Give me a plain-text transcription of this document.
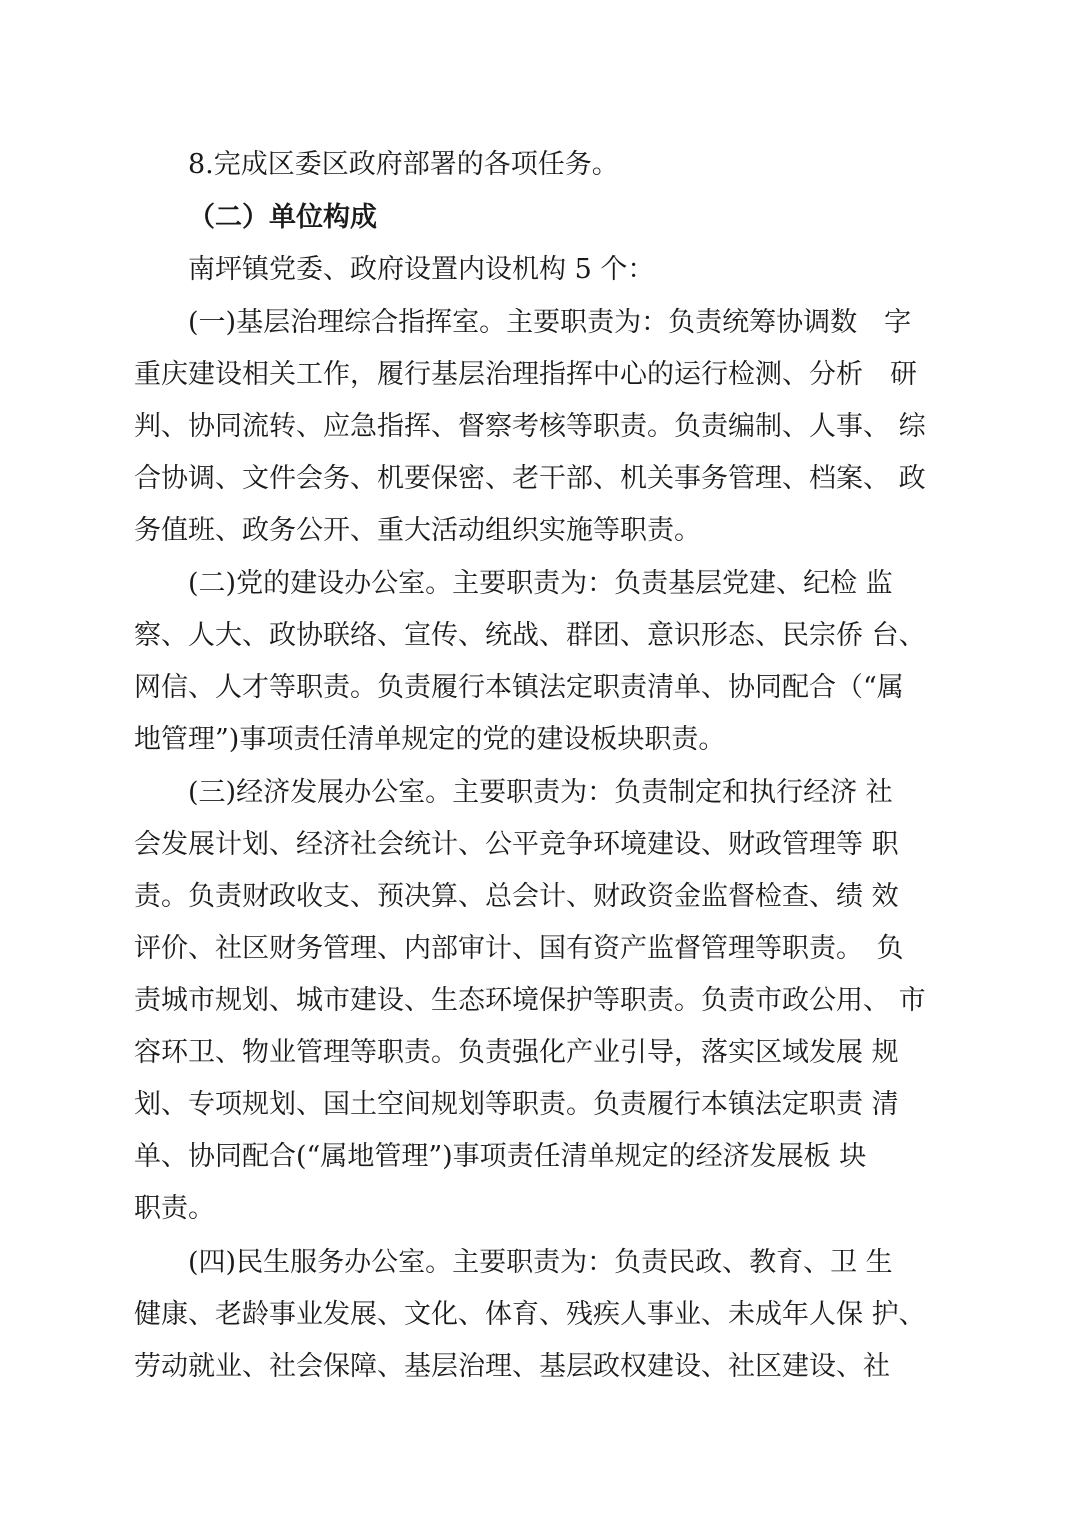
8.完成区委区政府部署的各项任务。
（二）单位构成
南坪镇党委、政府设置内设机构 5 个：
(一)基层治理综合指挥室。主要职责为：负责统筹协调数　字
重庆建设相关工作，履行基层治理指挥中心的运行检测、分析　研
判、协同流转、应急指挥、督察考核等职责。负责编制、人事、 综
合协调、文件会务、机要保密、老干部、机关事务管理、档案、 政
务值班、政务公开、重大活动组织实施等职责。
(二)党的建设办公室。主要职责为：负责基层党建、纪检 监
察、人大、政协联络、宣传、统战、群团、意识形态、民宗侨 台、
网信、人才等职责。负责履行本镇法定职责清单、协同配合（“属
地管理”)事项责任清单规定的党的建设板块职责。
(三)经济发展办公室。主要职责为：负责制定和执行经济 社
会发展计划、经济社会统计、公平竞争环境建设、财政管理等 职
责。负责财政收支、预决算、总会计、财政资金监督检查、绩 效
评价、社区财务管理、内部审计、国有资产监督管理等职责。　负
责城市规划、城市建设、生态环境保护等职责。负责市政公用、 市
容环卫、物业管理等职责。负责强化产业引导，落实区域发展 规
划、专项规划、国土空间规划等职责。负责履行本镇法定职责 清
单、协同配合(“属地管理”)事项责任清单规定的经济发展板 块
职责。
(四)民生服务办公室。主要职责为：负责民政、教育、卫 生
健康、老龄事业发展、文化、体育、残疾人事业、未成年人保 护、
劳动就业、社会保障、基层治理、基层政权建设、社区建设、社
